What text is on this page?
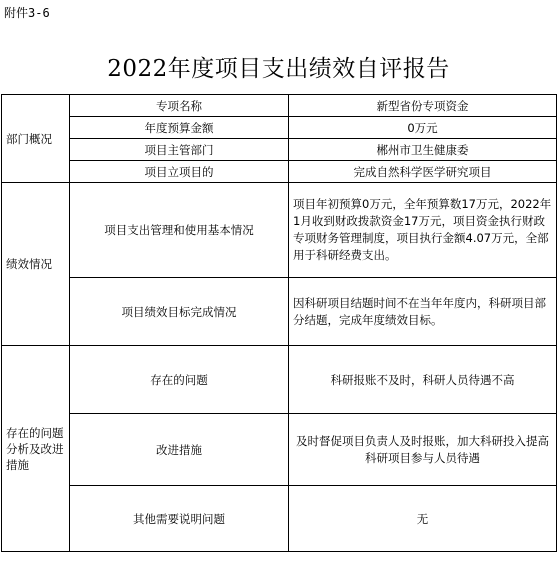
附件3-6
2022年度项目支出绩效自评报告
部门概况	专项名称	新型省份专项资金
	年度预算金额	0万元
	项目主管部门	郴州市卫生健康委
	项目立项目的	完成自然科学医学研究项目
绩效情况	项目支出管理和使用基本情况	项目年初预算0万元，全年预算数17万元，2022年1月收到财政拨款资金17万元，项目资金执行财政专项财务管理制度，项目执行金额4.07万元，全部用于科研经费支出。
	项目绩效目标完成情况	因科研项目结题时间不在当年年度内，科研项目部分结题，完成年度绩效目标。
存在的问题分析及改进措施	存在的问题	科研报账不及时，科研人员待遇不高
	改进措施	及时督促项目负责人及时报账，加大科研投入提高科研项目参与人员待遇
	其他需要说明问题	无
